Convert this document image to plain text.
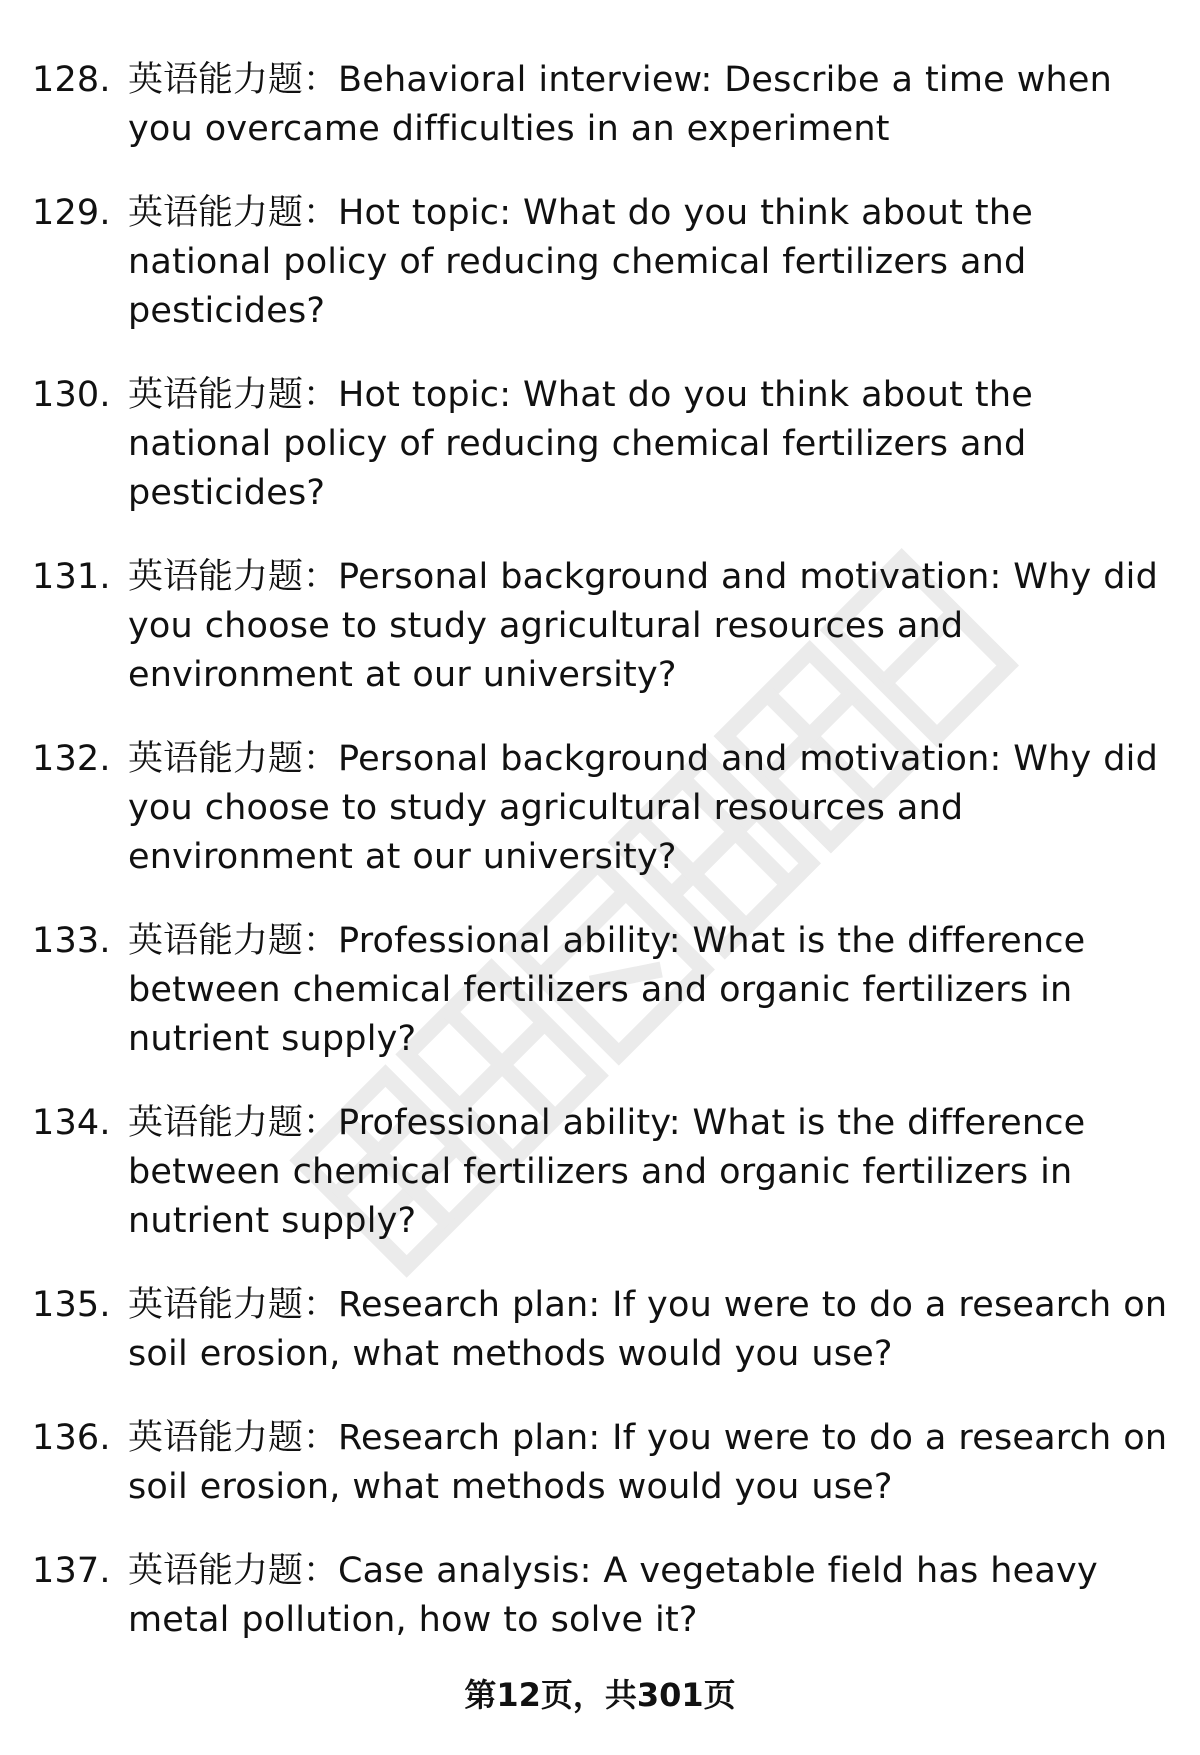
128. 英语能力题：Behavioral interview: Describe a time when you overcame difficulties in an experiment
129. 英语能力题：Hot topic: What do you think about the national policy of reducing chemical fertilizers and pesticides?
130. 英语能力题：Hot topic: What do you think about the national policy of reducing chemical fertilizers and pesticides?
131. 英语能力题：Personal background and motivation: Why did you choose to study agricultural resources and environment at our university?
132. 英语能力题：Personal background and motivation: Why did you choose to study agricultural resources and environment at our university?
133. 英语能力题：Professional ability: What is the difference between chemical fertilizers and organic fertilizers in nutrient supply?
134. 英语能力题：Professional ability: What is the difference between chemical fertilizers and organic fertilizers in nutrient supply?
135. 英语能力题：Research plan: If you were to do a research on soil erosion, what methods would you use?
136. 英语能力题：Research plan: If you were to do a research on soil erosion, what methods would you use?
137. 英语能力题：Case analysis: A vegetable field has heavy metal pollution, how to solve it?
第12页，共301页
